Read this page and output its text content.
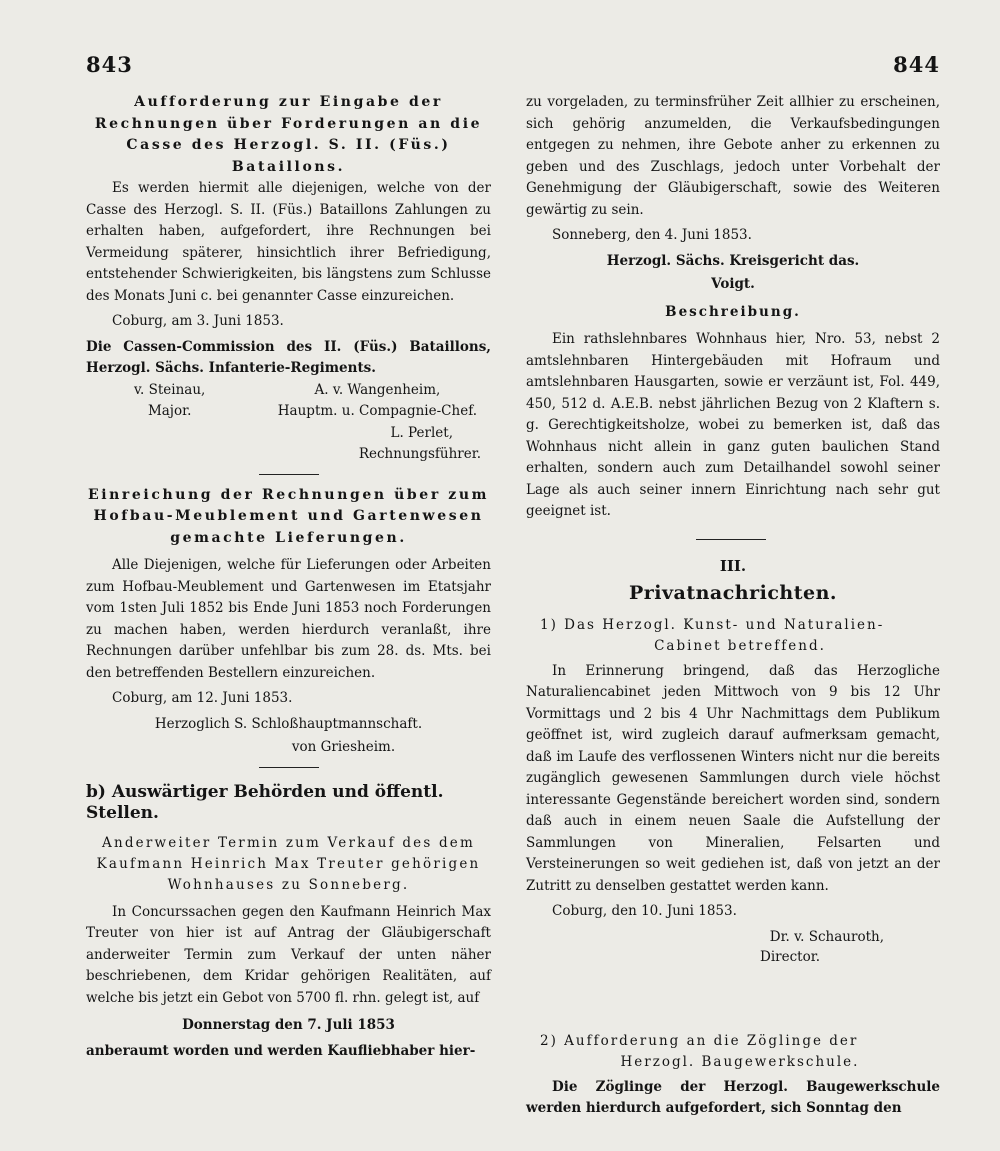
843	844
Aufforderung zur Eingabe der Rechnungen über Forderungen an die Casse des Herzogl. S. II. (Füs.) Bataillons.

Es werden hiermit alle diejenigen, welche von der Casse des Herzogl. S. II. (Füs.) Bataillons Zahlungen zu erhalten haben, aufgefordert, ihre Rechnungen bei Vermeidung späterer, hinsichtlich ihrer Befriedigung, entstehender Schwierigkeiten, bis längstens zum Schlusse des Monats Juni c. bei genannter Casse einzureichen.

Coburg, am 3. Juni 1853.

Die Cassen-Commission des II. (Füs.) Bataillons, Herzogl. Sächs. Infanterie-Regiments.

v. Steinau,
Major.
A. v. Wangenheim,
Hauptm. u. Compagnie-Chef.
L. Perlet,
Rechnungsführer.
Einreichung der Rechnungen über zum Hofbau-Meublement und Gartenwesen gemachte Lieferungen.

Alle Diejenigen, welche für Lieferungen oder Arbeiten zum Hofbau-Meublement und Gartenwesen im Etatsjahr vom 1sten Juli 1852 bis Ende Juni 1853 noch Forderungen zu machen haben, werden hierdurch veranlaßt, ihre Rechnungen darüber unfehlbar bis zum 28. ds. Mts. bei den betreffenden Bestellern einzureichen.

Coburg, am 12. Juni 1853.
Herzoglich S. Schloßhauptmannschaft.
von Griesheim.
b) Auswärtiger Behörden und öffentl. Stellen.
Anderweiter Termin zum Verkauf des dem Kaufmann Heinrich Max Treuter gehörigen Wohnhauses zu Sonneberg.

In Concurssachen gegen den Kaufmann Heinrich Max Treuter von hier ist auf Antrag der Gläubigerschaft anderweiter Termin zum Verkauf der unten näher beschriebenen, dem Kridar gehörigen Realitäten, auf welche bis jetzt ein Gebot von 5700 fl. rhn. gelegt ist, auf

Donnerstag den 7. Juli 1853

anberaumt worden und werden Kaufliebhaber hier-

zu vorgeladen, zu terminsfrüher Zeit allhier zu erscheinen, sich gehörig anzumelden, die Verkaufsbedingungen entgegen zu nehmen, ihre Gebote anher zu erkennen zu geben und des Zuschlags, jedoch unter Vorbehalt der Genehmigung der Gläubigerschaft, sowie des Weiteren gewärtig zu sein.

Sonneberg, den 4. Juni 1853.
Herzogl. Sächs. Kreisgericht das.
Voigt.
Beschreibung.

Ein rathslehnbares Wohnhaus hier, Nro. 53, nebst 2 amtslehnbaren Hintergebäuden mit Hofraum und amtslehnbaren Hausgarten, sowie er verzäunt ist, Fol. 449, 450, 512 d. A.E.B. nebst jährlichen Bezug von 2 Klaftern s. g. Gerechtigkeitsholze, wobei zu bemerken ist, daß das Wohnhaus nicht allein in ganz guten baulichen Stand erhalten, sondern auch zum Detailhandel sowohl seiner Lage als auch seiner innern Einrichtung nach sehr gut geeignet ist.

III.
Privatnachrichten.
1) Das Herzogl. Kunst- und Naturalien-
Cabinet betreffend.

In Erinnerung bringend, daß das Herzogliche Naturaliencabinet jeden Mittwoch von 9 bis 12 Uhr Vormittags und 2 bis 4 Uhr Nachmittags dem Publikum geöffnet ist, wird zugleich darauf aufmerksam gemacht, daß im Laufe des verflossenen Winters nicht nur die bereits zugänglich gewesenen Sammlungen durch viele höchst interessante Gegenstände bereichert worden sind, sondern daß auch in einem neuen Saale die Aufstellung der Sammlungen von Mineralien, Felsarten und Versteinerungen so weit gediehen ist, daß von jetzt an der Zutritt zu denselben gestattet werden kann.

Coburg, den 10. Juni 1853.
Dr. v. Schauroth,
Director.
2) Aufforderung an die Zöglinge der
Herzogl. Baugewerkschule.

Die Zöglinge der Herzogl. Baugewerkschule werden hierdurch aufgefordert, sich Sonntag den
